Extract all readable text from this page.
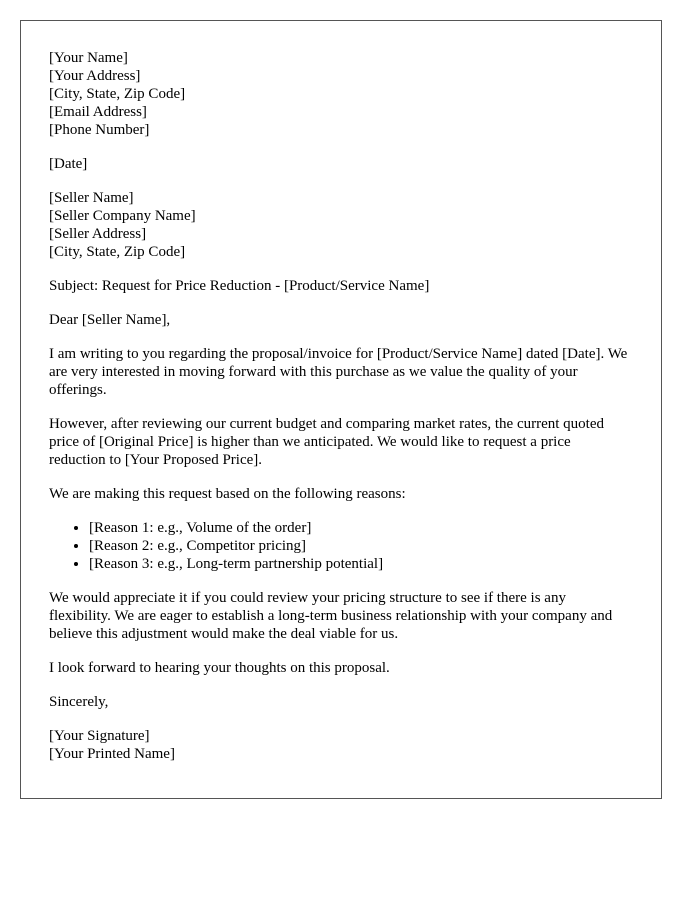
[Your Name]
[Your Address]
[City, State, Zip Code]
[Email Address]
[Phone Number]
[Date]
[Seller Name]
[Seller Company Name]
[Seller Address]
[City, State, Zip Code]
Subject: Request for Price Reduction - [Product/Service Name]
Dear [Seller Name],

I am writing to you regarding the proposal/invoice for [Product/Service Name] dated [Date]. We are very interested in moving forward with this purchase as we value the quality of your offerings.

However, after reviewing our current budget and comparing market rates, the current quoted price of [Original Price] is higher than we anticipated. We would like to request a price reduction to [Your Proposed Price].

We are making this request based on the following reasons:

• [Reason 1: e.g., Volume of the order]
• [Reason 2: e.g., Competitor pricing]
• [Reason 3: e.g., Long-term partnership potential]

We would appreciate it if you could review your pricing structure to see if there is any flexibility. We are eager to establish a long-term business relationship with your company and believe this adjustment would make the deal viable for us.

I look forward to hearing your thoughts on this proposal.

Sincerely,
[Your Signature]
[Your Printed Name]
